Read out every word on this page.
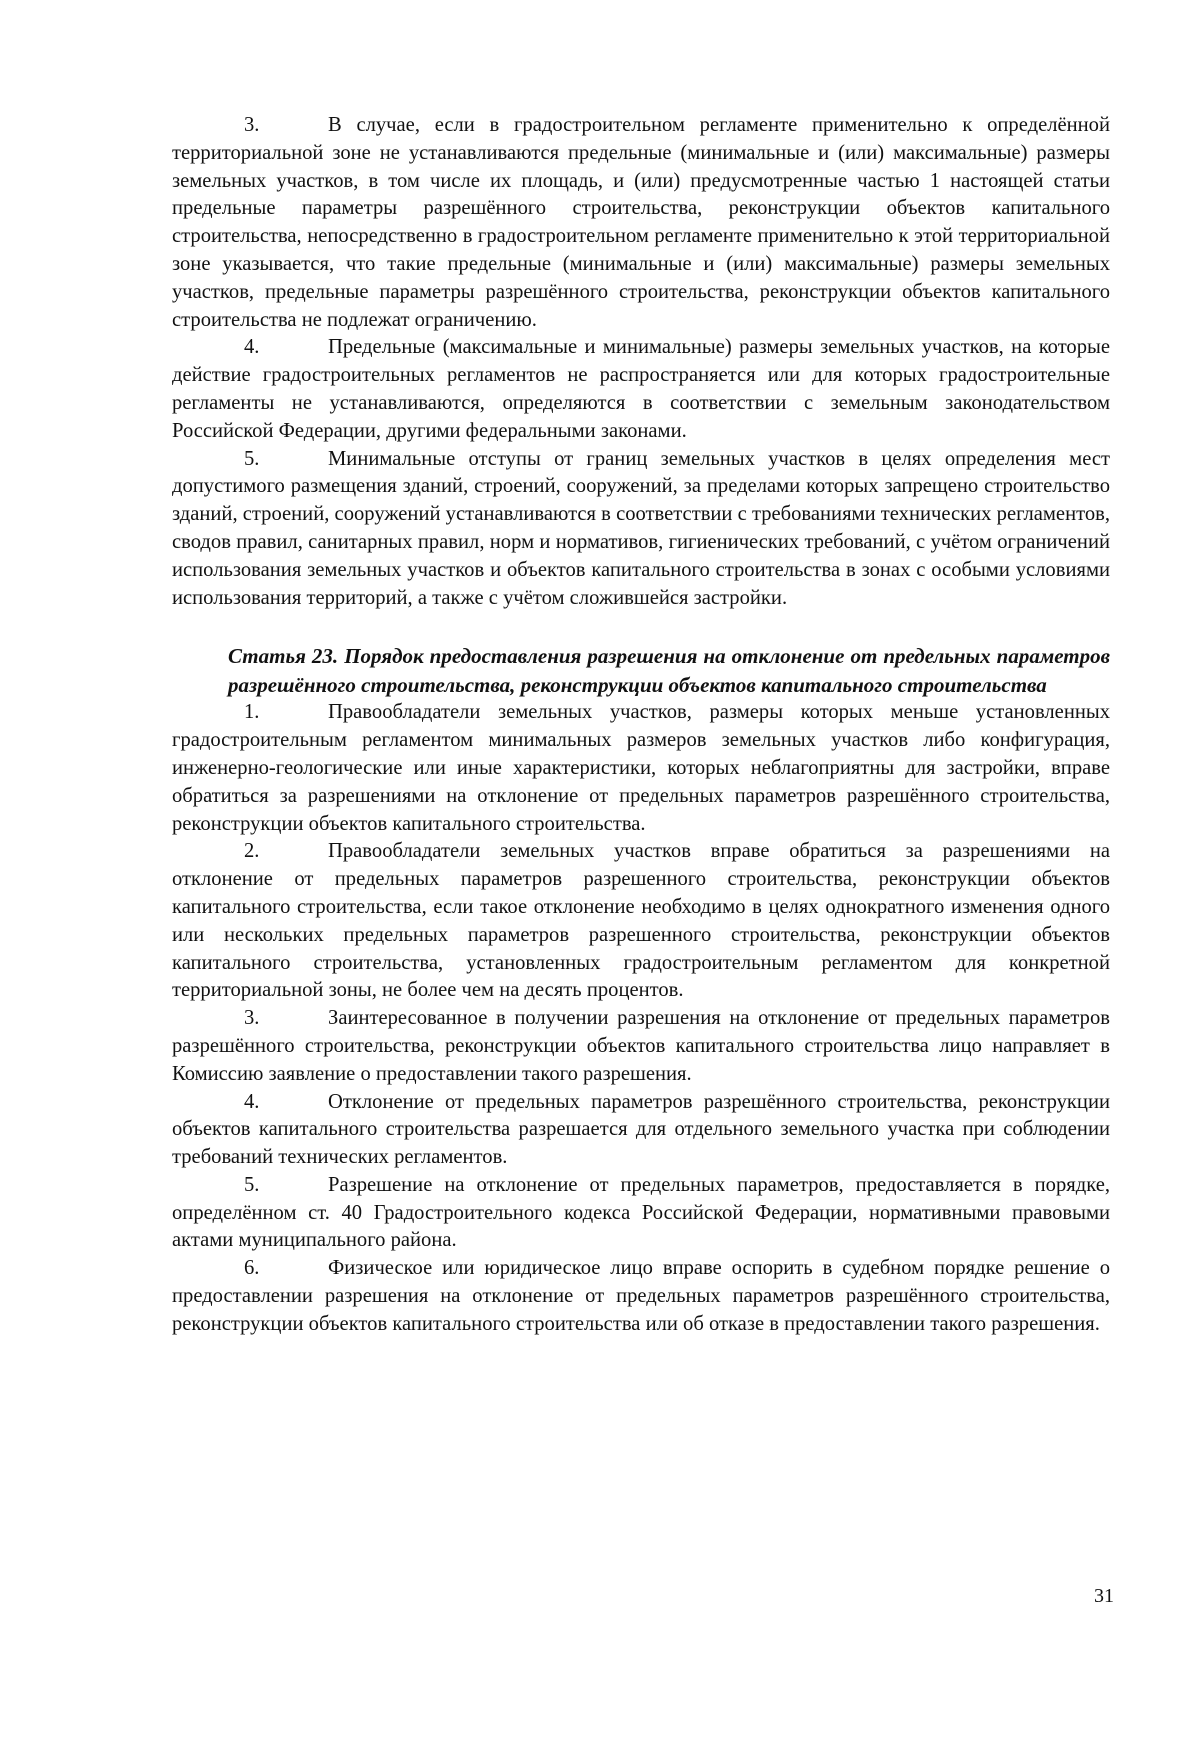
3.	В случае, если в градостроительном регламенте применительно к определённой территориальной зоне не устанавливаются предельные (минимальные и (или) максимальные) размеры земельных участков, в том числе их площадь, и (или) предусмотренные частью 1 настоящей статьи предельные параметры разрешённого строительства, реконструкции объектов капитального строительства, непосредственно в градостроительном регламенте применительно к этой территориальной зоне указывается, что такие предельные (минимальные и (или) максимальные) размеры земельных участков, предельные параметры разрешённого строительства, реконструкции объектов капитального строительства не подлежат ограничению.

4.	Предельные (максимальные и минимальные) размеры земельных участков, на которые действие градостроительных регламентов не распространяется или для которых градостроительные регламенты не устанавливаются, определяются в соответствии с земельным законодательством Российской Федерации, другими федеральными законами.

5.	Минимальные отступы от границ земельных участков в целях определения мест допустимого размещения зданий, строений, сооружений, за пределами которых запрещено строительство зданий, строений, сооружений устанавливаются в соответствии с требованиями технических регламентов, сводов правил, санитарных правил, норм и нормативов, гигиенических требований, с учётом ограничений использования земельных участков и объектов капитального строительства в зонах с особыми условиями использования территорий, а также с учётом сложившейся застройки.

Статья 23. Порядок предоставления разрешения на отклонение от предельных параметров разрешённого строительства, реконструкции объектов капитального строительства

1.	Правообладатели земельных участков, размеры которых меньше установленных градостроительным регламентом минимальных размеров земельных участков либо конфигурация, инженерно-геологические или иные характеристики, которых неблагоприятны для застройки, вправе обратиться за разрешениями на отклонение от предельных параметров разрешённого строительства, реконструкции объектов капитального строительства.

2.	Правообладатели земельных участков вправе обратиться за разрешениями на отклонение от предельных параметров разрешенного строительства, реконструкции объектов капитального строительства, если такое отклонение необходимо в целях однократного изменения одного или нескольких предельных параметров разрешенного строительства, реконструкции объектов капитального строительства, установленных градостроительным регламентом для конкретной территориальной зоны, не более чем на десять процентов.

3.	Заинтересованное в получении разрешения на отклонение от предельных параметров разрешённого строительства, реконструкции объектов капитального строительства лицо направляет в Комиссию заявление о предоставлении такого разрешения.

4.	Отклонение от предельных параметров разрешённого строительства, реконструкции объектов капитального строительства разрешается для отдельного земельного участка при соблюдении требований технических регламентов.

5.	Разрешение на отклонение от предельных параметров, предоставляется в порядке, определённом ст. 40 Градостроительного кодекса Российской Федерации, нормативными правовыми актами муниципального района.

6.	Физическое или юридическое лицо вправе оспорить в судебном порядке решение о предоставлении разрешения на отклонение от предельных параметров разрешённого строительства, реконструкции объектов капитального строительства или об отказе в предоставлении такого разрешения.

31
